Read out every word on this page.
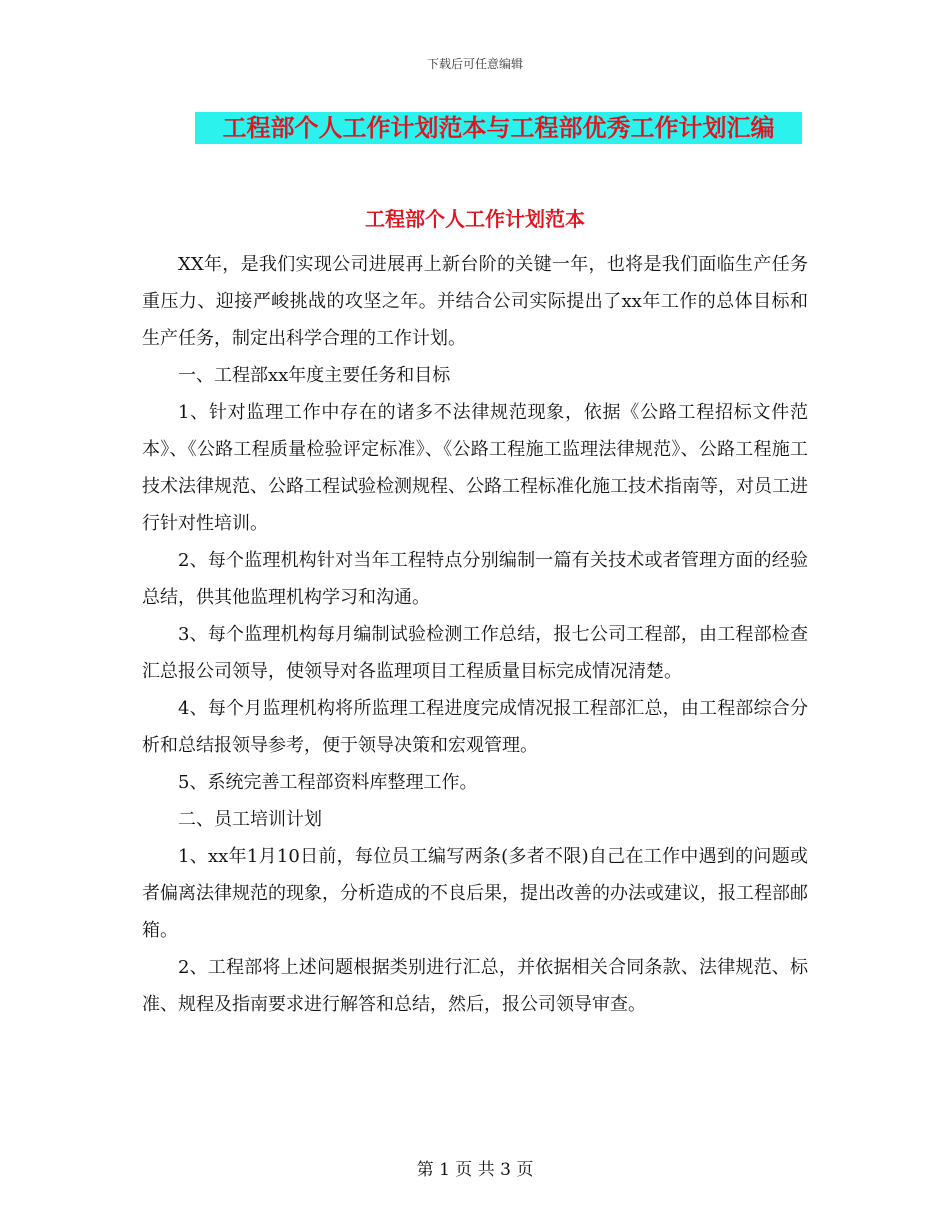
下载后可任意编辑
工程部个人工作计划范本与工程部优秀工作计划汇编
工程部个人工作计划范本

XX年，是我们实现公司进展再上新台阶的关键一年，也将是我们面临生产任务重压力、迎接严峻挑战的攻坚之年。并结合公司实际提出了xx年工作的总体目标和生产任务，制定出科学合理的工作计划。

一、工程部xx年度主要任务和目标

1、针对监理工作中存在的诸多不法律规范现象，依据《公路工程招标文件范本》、《公路工程质量检验评定标准》、《公路工程施工监理法律规范》、公路工程施工技术法律规范、公路工程试验检测规程、公路工程标准化施工技术指南等，对员工进行针对性培训。

2、每个监理机构针对当年工程特点分别编制一篇有关技术或者管理方面的经验总结，供其他监理机构学习和沟通。

3、每个监理机构每月编制试验检测工作总结，报七公司工程部，由工程部检查汇总报公司领导，使领导对各监理项目工程质量目标完成情况清楚。

4、每个月监理机构将所监理工程进度完成情况报工程部汇总，由工程部综合分析和总结报领导参考，便于领导决策和宏观管理。

5、系统完善工程部资料库整理工作。

二、员工培训计划

1、xx年1月10日前，每位员工编写两条(多者不限)自己在工作中遇到的问题或者偏离法律规范的现象，分析造成的不良后果，提出改善的办法或建议，报工程部邮箱。

2、工程部将上述问题根据类别进行汇总，并依据相关合同条款、法律规范、标准、规程及指南要求进行解答和总结，然后，报公司领导审查。

第 1 页 共 3 页
